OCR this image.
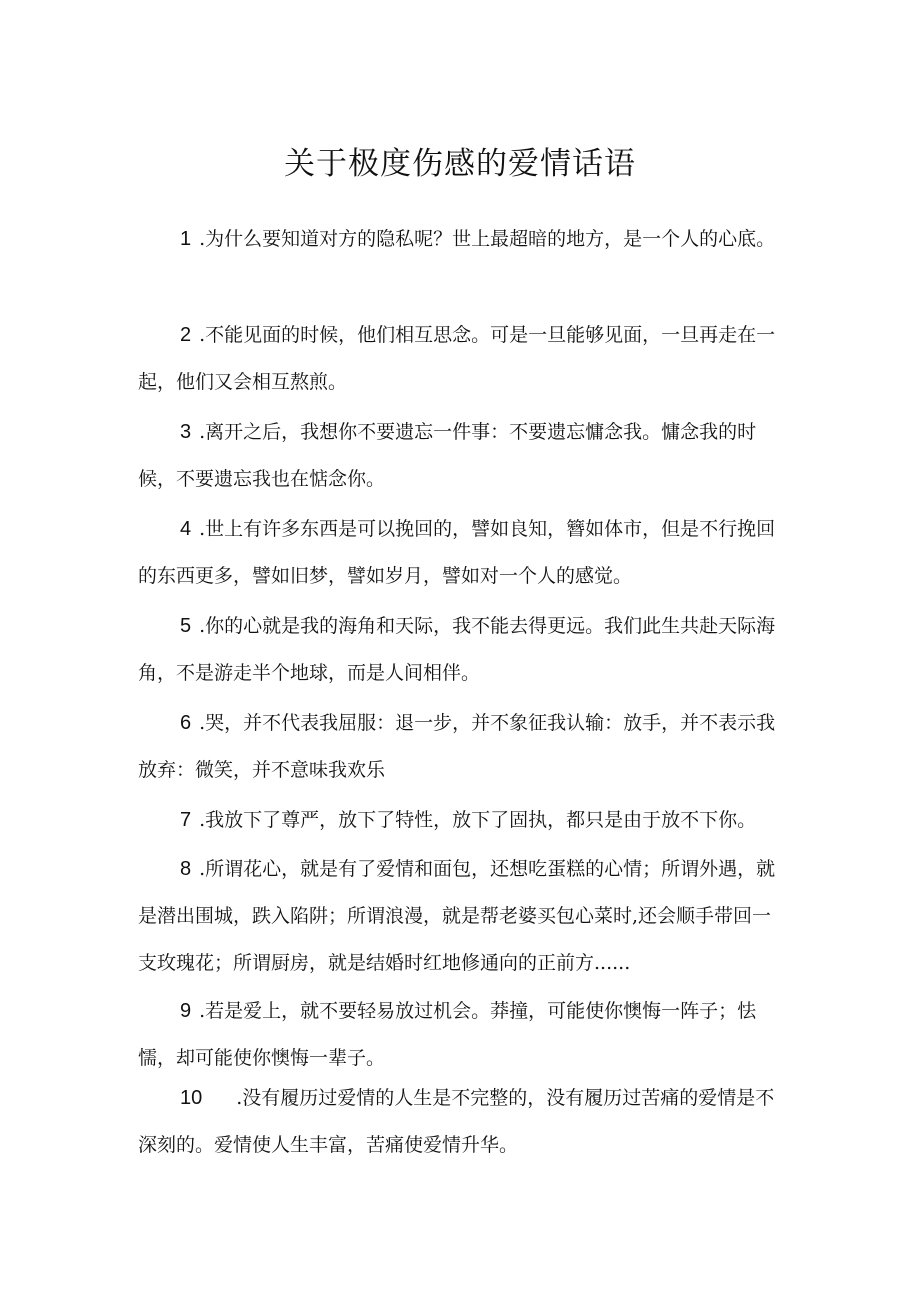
关于极度伤感的爱情话语

1 .为什么要知道对方的隐私呢？世上最超暗的地方，是一个人的心底。

2 .不能见面的时候，他们相互思念。可是一旦能够见面，一旦再走在一起，他们又会相互熬煎。

3 .离开之后，我想你不要遗忘一件事：不要遗忘慵念我。慵念我的时候，不要遗忘我也在惦念你。

4 .世上有许多东西是可以挽回的，譬如良知，簪如体市，但是不行挽回的东西更多，譬如旧梦，譬如岁月，譬如对一个人的感觉。

5 .你的心就是我的海角和天际，我不能去得更远。我们此生共赴天际海角，不是游走半个地球，而是人间相伴。

6 .哭，并不代表我屈服：退一步，并不象征我认输：放手，并不表示我放弃：微笑，并不意味我欢乐

7 .我放下了尊严，放下了特性，放下了固执，都只是由于放不下你。

8 .所谓花心，就是有了爱情和面包，还想吃蛋糕的心情；所谓外遇，就是潜出围城，跌入陷阱；所谓浪漫，就是帮老婆买包心菜时,还会顺手带回一支玫瑰花；所谓厨房，就是结婚时红地修通向的正前方......

9 .若是爱上，就不要轻易放过机会。莽撞，可能使你懊悔一阵子；怯懦，却可能使你懊悔一辈子。

10 .没有履历过爱情的人生是不完整的，没有履历过苦痛的爱情是不深刻的。爱情使人生丰富，苦痛使爱情升华。
